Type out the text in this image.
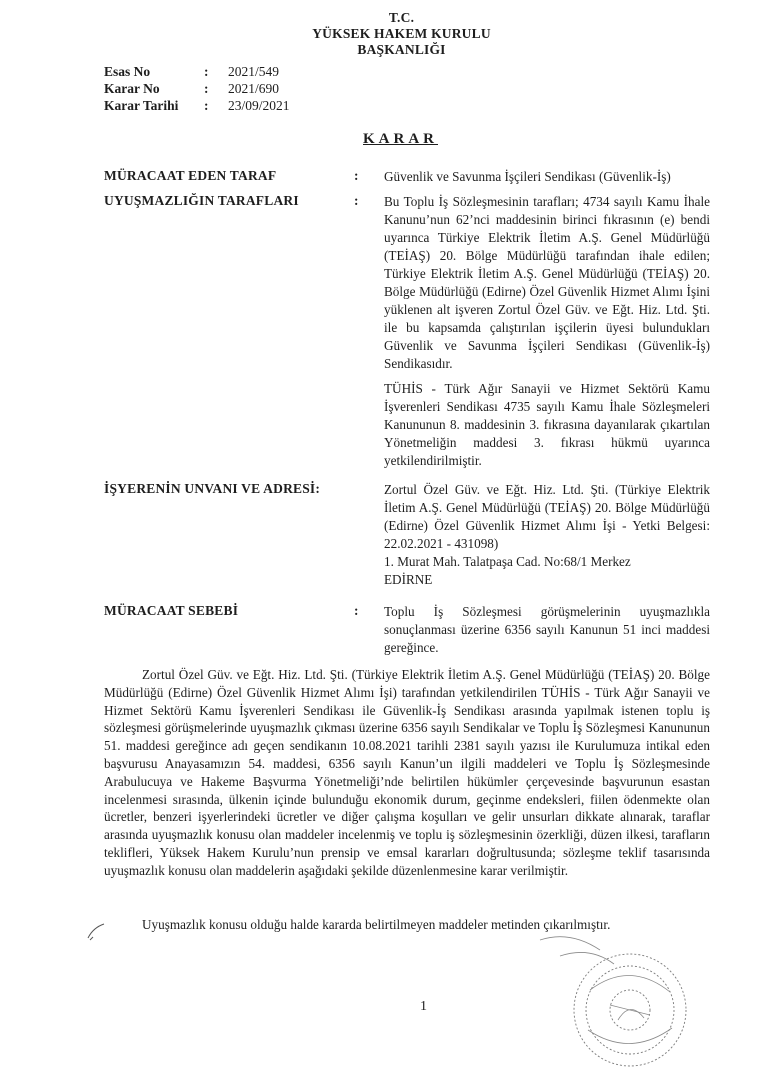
T.C.
YÜKSEK HAKEM KURULU
BAŞKANLIĞI
Esas No	: 2021/549
Karar No	: 2021/690
Karar Tarihi : 23/09/2021
KARAR
MÜRACAAT EDEN TARAF	: Güvenlik ve Savunma İşçileri Sendikası (Güvenlik-İş)
UYUŞMAZLIĞIN TARAFLARI	: Bu Toplu İş Sözleşmesinin tarafları; 4734 sayılı Kamu İhale Kanunu’nun 62’nci maddesinin birinci fıkrasının (e) bendi uyarınca Türkiye Elektrik İletim A.Ş. Genel Müdürlüğü (TEİAŞ) 20. Bölge Müdürlüğü tarafından ihale edilen; Türkiye Elektrik İletim A.Ş. Genel Müdürlüğü (TEİAŞ) 20. Bölge Müdürlüğü (Edirne) Özel Güvenlik Hizmet Alımı İşini yüklenen alt işveren Zortul Özel Güv. ve Eğt. Hiz. Ltd. Şti. ile bu kapsamda çalıştırılan işçilerin üyesi bulundukları Güvenlik ve Savunma İşçileri Sendikası (Güvenlik-İş) Sendikasıdır.
TÜHİS - Türk Ağır Sanayii ve Hizmet Sektörü Kamu İşverenleri Sendikası 4735 sayılı Kamu İhale Sözleşmeleri Kanununun 8. maddesinin 3. fıkrasına dayanılarak çıkartılan Yönetmeliğin maddesi 3. fıkrası hükmü uyarınca yetkilendirilmiştir.
İŞYERENİN UNVANI VE ADRESİ:	Zortul Özel Güv. ve Eğt. Hiz. Ltd. Şti. (Türkiye Elektrik İletim A.Ş. Genel Müdürlüğü (TEİAŞ) 20. Bölge Müdürlüğü (Edirne) Özel Güvenlik Hizmet Alımı İşi - Yetki Belgesi: 22.02.2021 - 431098)
1. Murat Mah. Talatpaşa Cad. No:68/1 Merkez
EDİRNE
MÜRACAAT SEBEBİ	: Toplu İş Sözleşmesi görüşmelerinin uyuşmazlıkla sonuçlanması üzerine 6356 sayılı Kanunun 51 inci maddesi gereğince.
Zortul Özel Güv. ve Eğt. Hiz. Ltd. Şti. (Türkiye Elektrik İletim A.Ş. Genel Müdürlüğü (TEİAŞ) 20. Bölge Müdürlüğü (Edirne) Özel Güvenlik Hizmet Alımı İşi) tarafından yetkilendirilen TÜHİS - Türk Ağır Sanayii ve Hizmet Sektörü Kamu İşverenleri Sendikası ile Güvenlik-İş Sendikası arasında yapılmak istenen toplu iş sözleşmesi görüşmelerinde uyuşmazlık çıkması üzerine 6356 sayılı Sendikalar ve Toplu İş Sözleşmesi Kanununun 51. maddesi gereğince adı geçen sendikanın 10.08.2021 tarihli 2381 sayılı yazısı ile Kurulumuza intikal eden başvurusu Anayasamızın 54. maddesi, 6356 sayılı Kanun’un ilgili maddeleri ve Toplu İş Sözleşmesinde Arabulucuya ve Hakeme Başvurma Yönetmeliği’nde belirtilen hükümler çerçevesinde başvurunun esastan incelenmesi sırasında, ülkenin içinde bulunduğu ekonomik durum, geçinme endeksleri, fiilen ödenmekte olan ücretler, benzeri işyerlerindeki ücretler ve diğer çalışma koşulları ve gelir unsurları dikkate alınarak, taraflar arasında uyuşmazlık konusu olan maddeler incelenmiş ve toplu iş sözleşmesinin özerkliği, düzen ilkesi, tarafların teklifleri, Yüksek Hakem Kurulu’nun prensip ve emsal kararları doğrultusunda; sözleşme teklif tasarısında uyuşmazlık konusu olan maddelerin aşağıdaki şekilde düzenlenmesine karar verilmiştir.
Uyuşmazlık konusu olduğu halde kararda belirtilmeyen maddeler metinden çıkarılmıştır.
1
